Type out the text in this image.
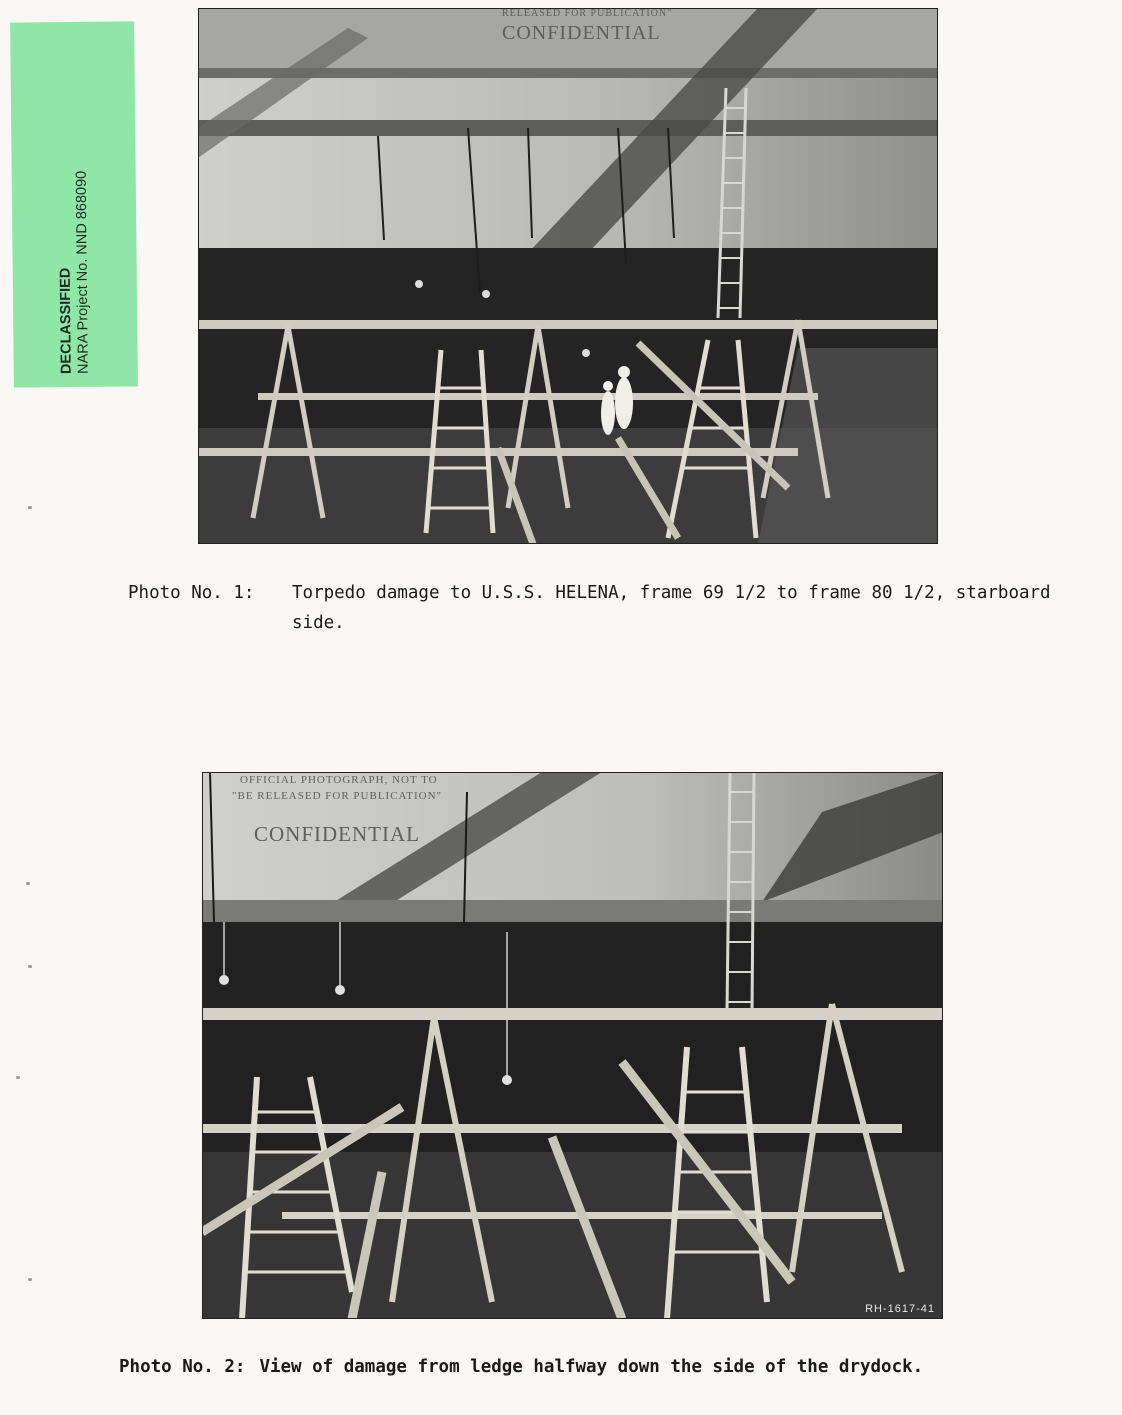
DECLASSIFIED
NARA Project No. NND 868090
RELEASED FOR PUBLICATION"
CONFIDENTIAL
Photo No. 1: Torpedo damage to U.S.S. HELENA, frame 69 1/2 to frame 80 1/2, starboard side.
OFFICIAL PHOTOGRAPH, NOT TO
"BE RELEASED FOR PUBLICATION"
CONFIDENTIAL
RH-1617-41
Photo No. 2: View of damage from ledge halfway down the side of the drydock.
